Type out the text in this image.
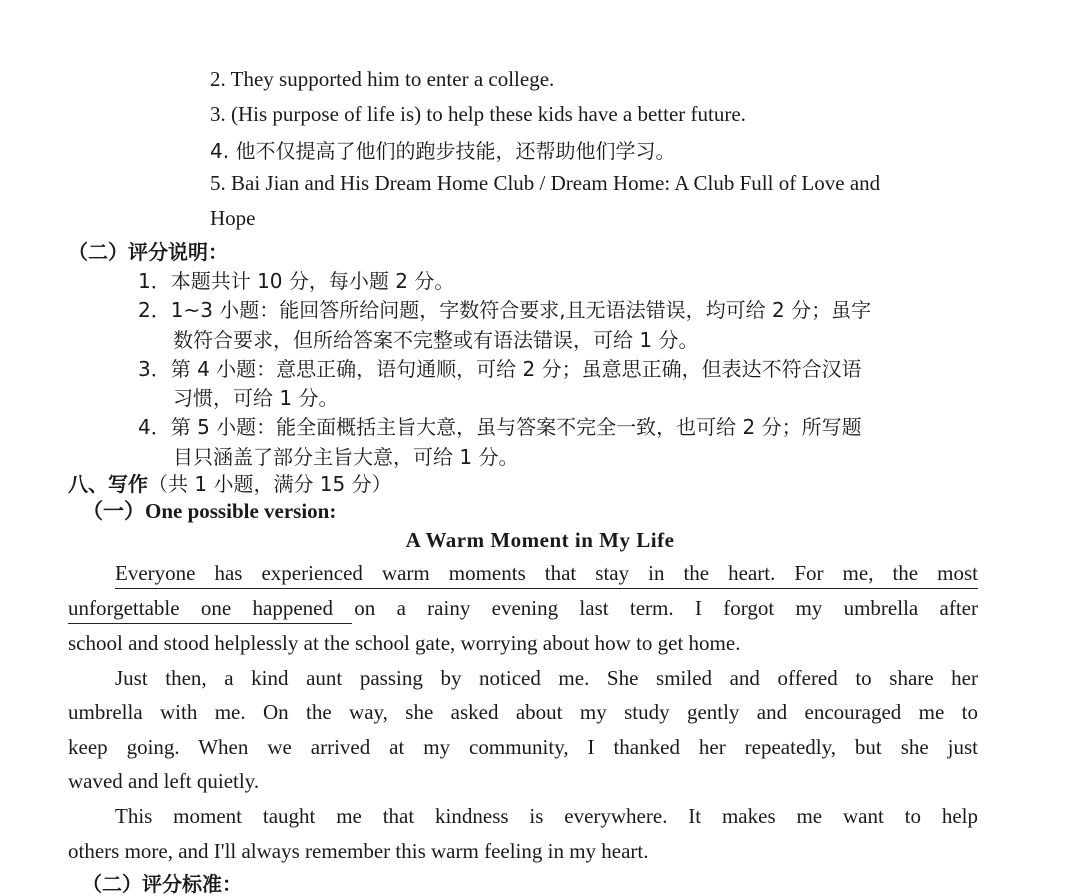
2. They supported him to enter a college.
3. (His purpose of life is) to help these kids have a better future.
4. 他不仅提高了他们的跑步技能，还帮助他们学习。
5. Bai Jian and His Dream Home Club / Dream Home: A Club Full of Love and
Hope
（二）评分说明：
1．本题共计 10 分，每小题 2 分。
2．1~3 小题：能回答所给问题，字数符合要求,且无语法错误，均可给 2 分；虽字
数符合要求，但所给答案不完整或有语法错误，可给 1 分。
3．第 4 小题：意思正确，语句通顺，可给 2 分；虽意思正确，但表达不符合汉语
习惯，可给 1 分。
4．第 5 小题：能全面概括主旨大意，虽与答案不完全一致，也可给 2 分；所写题
目只涵盖了部分主旨大意，可给 1 分。
八、写作（共 1 小题，满分 15 分）
（一）One possible version:
A Warm Moment in My Life
Everyone has experienced warm moments that stay in the heart. For me, the most
unforgettable one happened on a rainy evening last term. I forgot my umbrella after
school and stood helplessly at the school gate, worrying about how to get home.
Just then, a kind aunt passing by noticed me. She smiled and offered to share her
umbrella with me. On the way, she asked about my study gently and encouraged me to
keep going. When we arrived at my community, I thanked her repeatedly, but she just
waved and left quietly.
This moment taught me that kindness is everywhere. It makes me want to help
others more, and I'll always remember this warm feeling in my heart.
（二）评分标准：
